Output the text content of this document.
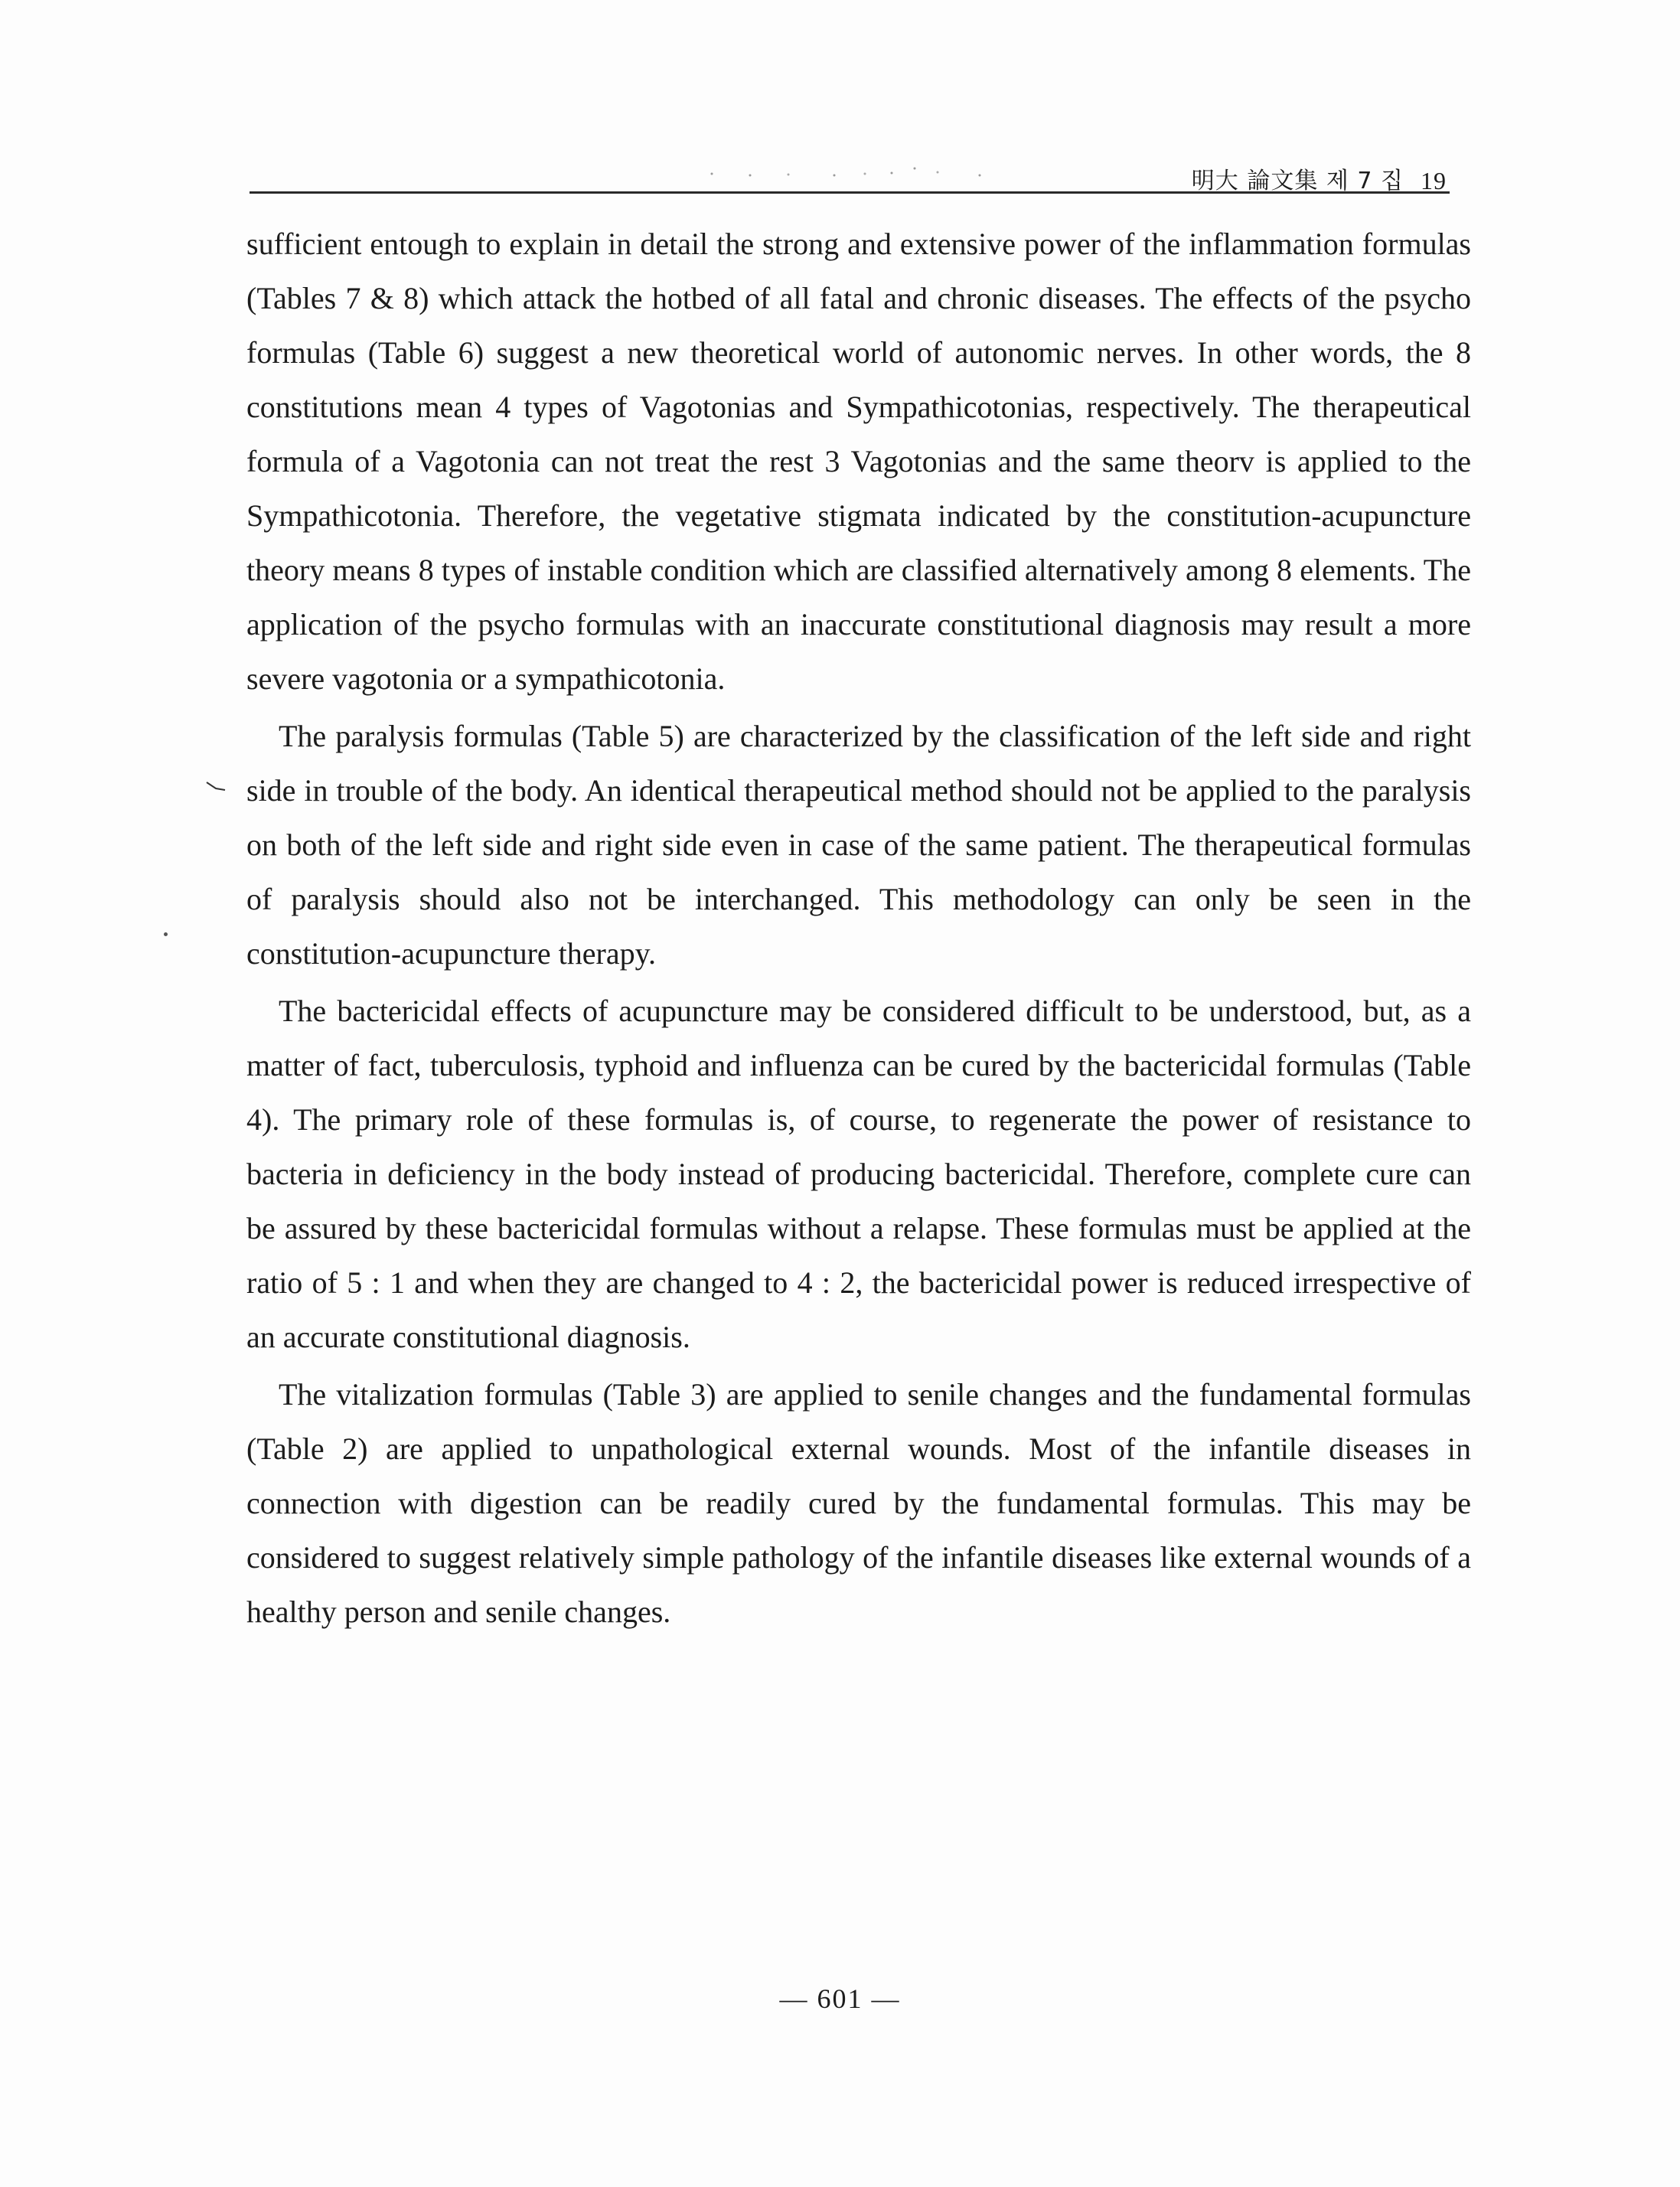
明大 論文集 제 7 집 19

sufficient entough to explain in detail the strong and extensive power of the inflammation formulas (Tables 7 & 8) which attack the hotbed of all fatal and chronic diseases. The effects of the psycho formulas (Table 6) suggest a new theoretical world of autonomic nerves. In other words, the 8 constitutions mean 4 types of Vagotonias and Sympathicotonias, respectively. The therapeutical formula of a Vagotonia can not treat the rest 3 Vagotonias and the same theorv is applied to the Sympathicotonia. Therefore, the vegetative stigmata indicated by the constitution-acupuncture theory means 8 types of instable condition which are classified alternatively among 8 elements. The application of the psycho formulas with an inaccurate constitutional diagnosis may result a more severe vagotonia or a sympathicotonia.

The paralysis formulas (Table 5) are characterized by the classification of the left side and right side in trouble of the body. An identical therapeutical method should not be applied to the paralysis on both of the left side and right side even in case of the same patient. The therapeutical formulas of paralysis should also not be interchanged. This methodology can only be seen in the constitution-acupuncture therapy.

The bactericidal effects of acupuncture may be considered difficult to be understood, but, as a matter of fact, tuberculosis, typhoid and influenza can be cured by the bactericidal formulas (Table 4). The primary role of these formulas is, of course, to regenerate the power of resistance to bacteria in deficiency in the body instead of producing bactericidal. Therefore, complete cure can be assured by these bactericidal formulas without a relapse. These formulas must be applied at the ratio of 5 : 1 and when they are changed to 4 : 2, the bactericidal power is reduced irrespective of an accurate constitutional diagnosis.

The vitalization formulas (Table 3) are applied to senile changes and the fundamental formulas (Table 2) are applied to unpathological external wounds. Most of the infantile diseases in connection with digestion can be readily cured by the fundamental formulas. This may be considered to suggest relatively simple pathology of the infantile diseases like external wounds of a healthy person and senile changes.

— 601 —
